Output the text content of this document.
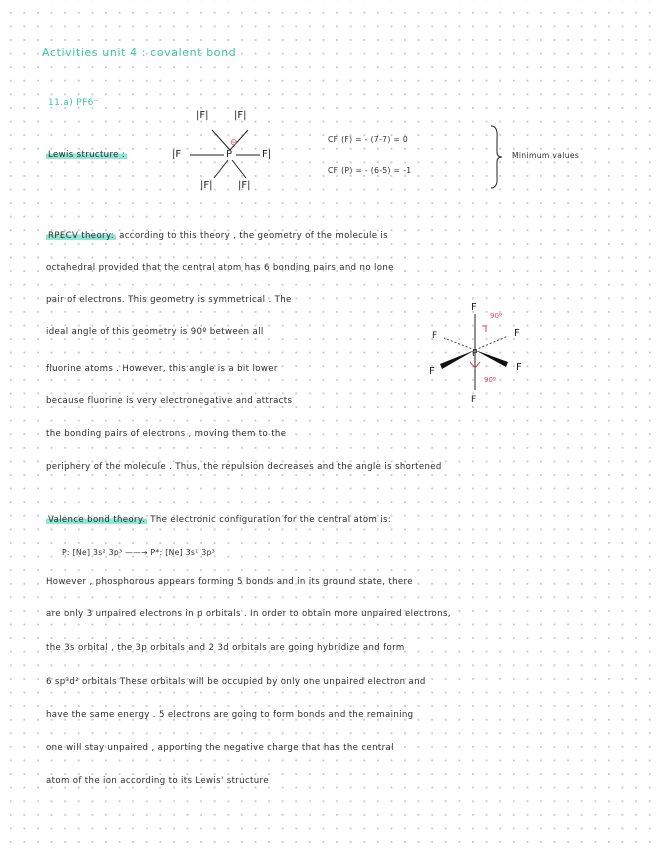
Activities unit 4 : covalent bond
11.a) PF6⁻
Lewis structure :
|F|	|F|
|F	P
⊖
F|
|F|	|F|
CF (F) = - (7-7) = 0
CF (P) = - (6-5) = -1
Minimum values
RPECV theory: according to this theory , the geometry of the molecule is
octahedral provided that the central atom has 6 bonding pairs and no lone
pair of electrons. This geometry is symmetrical . The
ideal angle of this geometry is 90º between all
fluorine atoms . However, this angle is a bit lower
because fluorine is very electronegative and attracts
the bonding pairs of electrons , moving them to the
periphery of the molecule . Thus, the repulsion decreases and the angle is shortened
F
F	F
P
F	F
F
90º
90º
Valence bond theory. The electronic configuration for the central atom is:
P: [Ne] 3s² 3p³ ——→ P*: [Ne] 3s¹ 3p³
However , phosphorous appears forming 5 bonds and in its ground state, there
are only 3 unpaired electrons in p orbitals . In order to obtain more unpaired electrons,
the 3s orbital , the 3p orbitals and 2 3d orbitals are going hybridize and form
6 sp³d² orbitals These orbitals will be occupied by only one unpaired electron and
have the same energy . 5 electrons are going to form bonds and the remaining
one will stay unpaired , apporting the negative charge that has the central
atom of the ion according to its Lewis' structure
